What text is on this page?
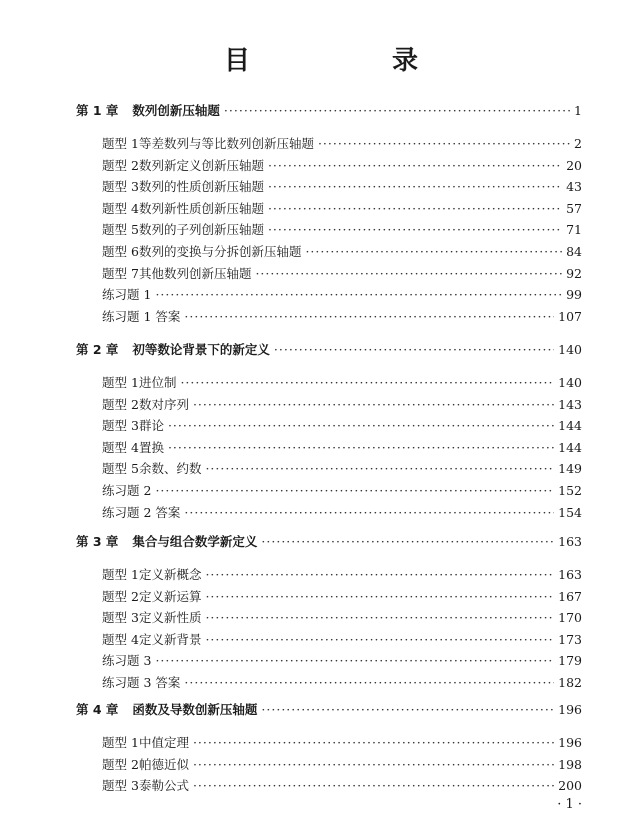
目　录
第 1 章 数列创新压轴题 ·····	1
题型 1 等差数列与等比数列创新压轴题 ·····	2
题型 2 数列新定义创新压轴题 ·····	20
题型 3 数列的性质创新压轴题 ·····	43
题型 4 数列新性质创新压轴题 ·····	57
题型 5 数列的子列创新压轴题 ·····	71
题型 6 数列的变换与分拆创新压轴题 ·····	84
题型 7 其他数列创新压轴题 ·····	92
练习题 1 ·····	99
练习题 1 答案 ·····	107
第 2 章 初等数论背景下的新定义 ·····	140
题型 1 进位制 ·····	140
题型 2 数对序列 ·····	143
题型 3 群论 ·····	144
题型 4 置换 ·····	144
题型 5 余数、约数 ·····	149
练习题 2 ·····	152
练习题 2 答案 ·····	154
第 3 章 集合与组合数学新定义 ·····	163
题型 1 定义新概念 ·····	163
题型 2 定义新运算 ·····	167
题型 3 定义新性质 ·····	170
题型 4 定义新背景 ·····	173
练习题 3 ·····	179
练习题 3 答案 ·····	182
第 4 章 函数及导数创新压轴题 ·····	196
题型 1 中值定理 ·····	196
题型 2 帕德近似 ·····	198
题型 3 泰勒公式 ·····	200
· 1 ·
